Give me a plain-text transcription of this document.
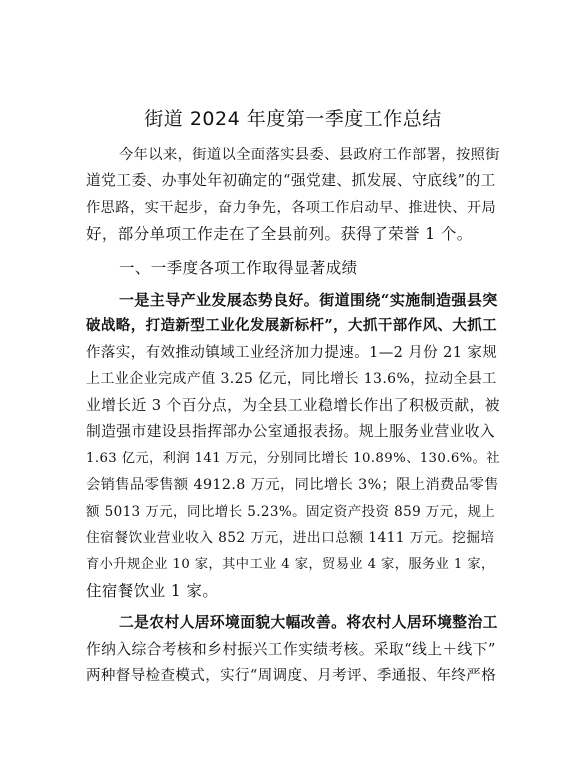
街道 2024 年度第一季度工作总结
今年以来，街道以全面落实县委、县政府工作部署，按照街
道党工委、办事处年初确定的“强党建、抓发展、守底线”的工
作思路，实干起步，奋力争先，各项工作启动早、推进快、开局
好，部分单项工作走在了全县前列。获得了荣誉 1 个。
一、一季度各项工作取得显著成绩
一是主导产业发展态势良好。街道围绕“实施制造强县突
破战略，打造新型工业化发展新标杆”，大抓干部作风、大抓工
作落实，有效推动镇域工业经济加力提速。1—2 月份 21 家规
上工业企业完成产值 3.25 亿元，同比增长 13.6%，拉动全县工
业增长近 3 个百分点，为全县工业稳增长作出了积极贡献，被
制造强市建设县指挥部办公室通报表扬。规上服务业营业收入
1.63 亿元，利润 141 万元，分别同比增长 10.89%、130.6%。社
会销售品零售额 4912.8 万元，同比增长 3%；限上消费品零售
额 5013 万元，同比增长 5.23%。固定资产投资 859 万元，规上
住宿餐饮业营业收入 852 万元，进出口总额 1411 万元。挖掘培
育小升规企业 10 家，其中工业 4 家，贸易业 4 家，服务业 1 家，
住宿餐饮业 1 家。
二是农村人居环境面貌大幅改善。将农村人居环境整治工
作纳入综合考核和乡村振兴工作实绩考核。采取“线上＋线下”
两种督导检查模式，实行“周调度、月考评、季通报、年终严格
